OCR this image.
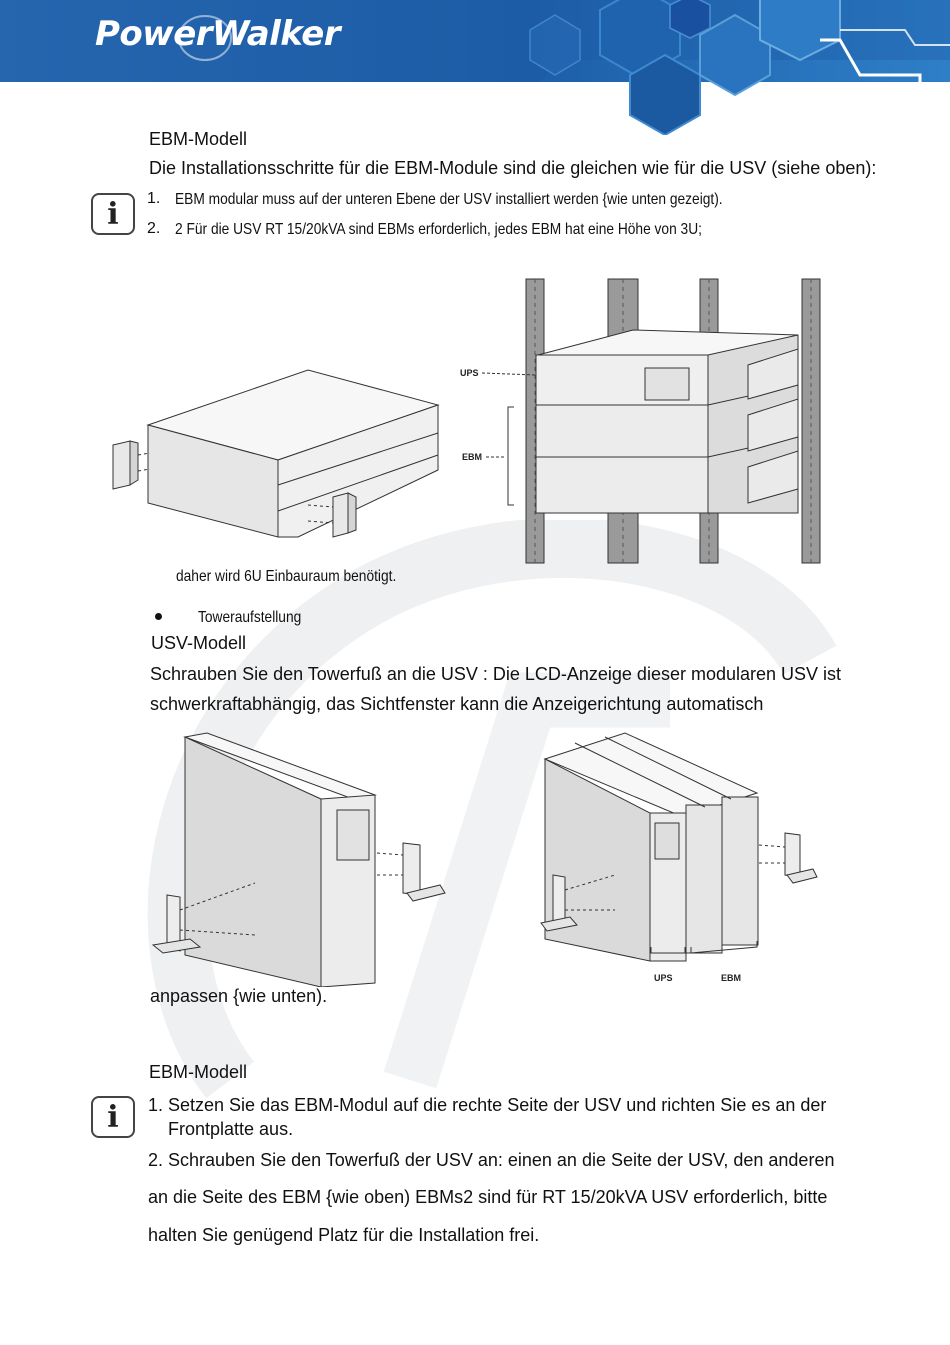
PowerWalker
EBM-Modell
Die Installationsschritte für die EBM-Module sind die gleichen wie für die USV (siehe oben):
i	1. EBM modular muss auf der unteren Ebene der USV installiert werden {wie unten gezeigt).
2. 2 Für die USV RT 15/20kVA sind EBMs erforderlich, jedes EBM hat eine Höhe von 3U;
UPS
EBM
daher wird 6U Einbauraum benötigt.
Toweraufstellung
USV-Modell
Schrauben Sie den Towerfuß an die USV : Die LCD-Anzeige dieser modularen USV ist
schwerkraftabhängig, das Sichtfenster kann die Anzeigerichtung automatisch
UPS	EBM
anpassen {wie unten).
EBM-Modell
i	1. Setzen Sie das EBM-Modul auf die rechte Seite der USV und richten Sie es an der
Frontplatte aus.
2. Schrauben Sie den Towerfuß der USV an: einen an die Seite der USV, den anderen
an die Seite des EBM {wie oben) EBMs2 sind für RT 15/20kVA USV erforderlich, bitte
halten Sie genügend Platz für die Installation frei.
